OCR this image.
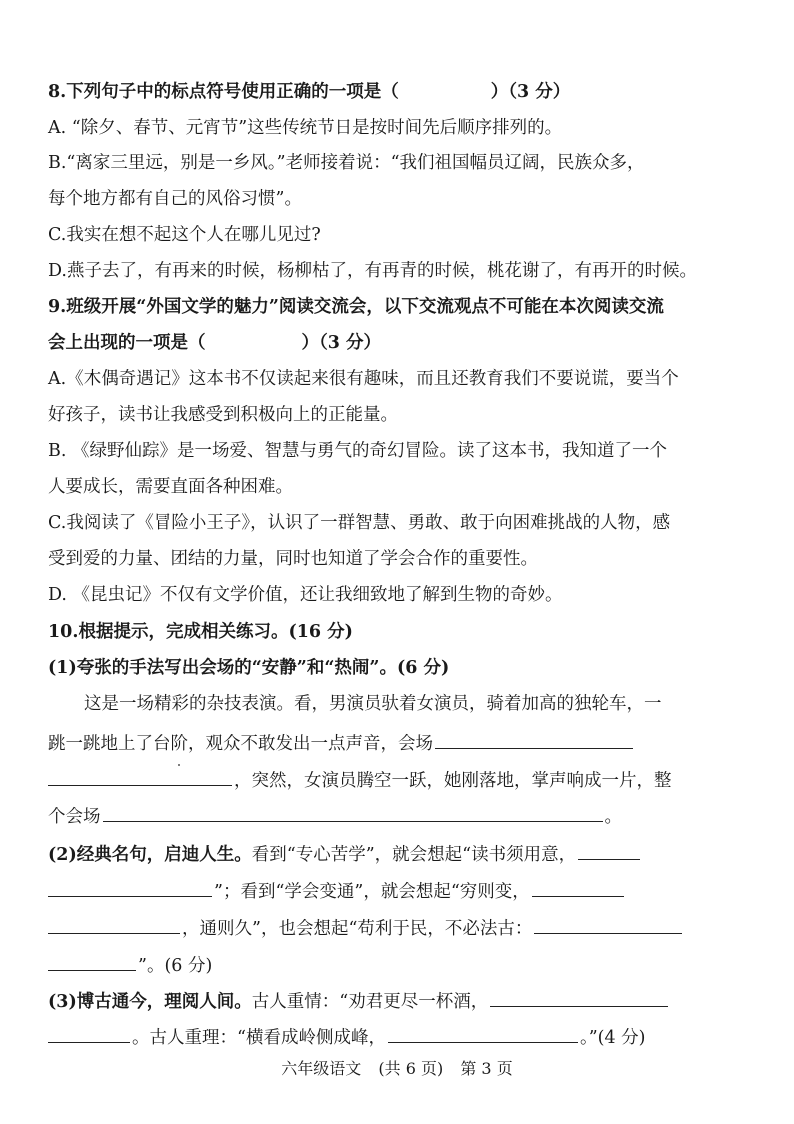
8.下列句子中的标点符号使用正确的一项是（	）（3 分）
A. “除夕、春节、元宵节”这些传统节日是按时间先后顺序排列的。
B.“离家三里远，别是一乡风。”老师接着说：“我们祖国幅员辽阔，民族众多，
每个地方都有自己的风俗习惯”。
C.我实在想不起这个人在哪儿见过?
D.燕子去了，有再来的时候，杨柳枯了，有再青的时候，桃花谢了，有再开的时候。
9.班级开展“外国文学的魅力”阅读交流会，以下交流观点不可能在本次阅读交流
会上出现的一项是（	）（3 分）
A.《木偶奇遇记》这本书不仅读起来很有趣味，而且还教育我们不要说谎，要当个
好孩子，读书让我感受到积极向上的正能量。
B. 《绿野仙踪》是一场爱、智慧与勇气的奇幻冒险。读了这本书，我知道了一个
人要成长，需要直面各种困难。
C.我阅读了《冒险小王子》，认识了一群智慧、勇敢、敢于向困难挑战的人物，感
受到爱的力量、团结的力量，同时也知道了学会合作的重要性。
D. 《昆虫记》不仅有文学价值，还让我细致地了解到生物的奇妙。
10.根据提示，完成相关练习。(16 分)
(1)夸张的手法写出会场的“安静”和“热闹”。(6 分)
这是一场精彩的杂技表演。看，男演员驮着女演员，骑着加高的独轮车，一
跳一跳地上了台阶，观众不敢发出一点声音，会场
，突然，女演员腾空一跃，她刚落地，掌声响成一片，整
个会场	。
(2)经典名句，启迪人生。看到“专心苦学”，就会想起“读书须用意，
”；看到“学会变通”，就会想起“穷则变，
，通则久”，也会想起“苟利于民，不必法古：
”。(6 分)
(3)博古通今，理阅人间。古人重情：“劝君更尽一杯酒，
。古人重理：“横看成岭侧成峰，	。”(4 分)
六年级语文 (共 6 页) 第 3 页
